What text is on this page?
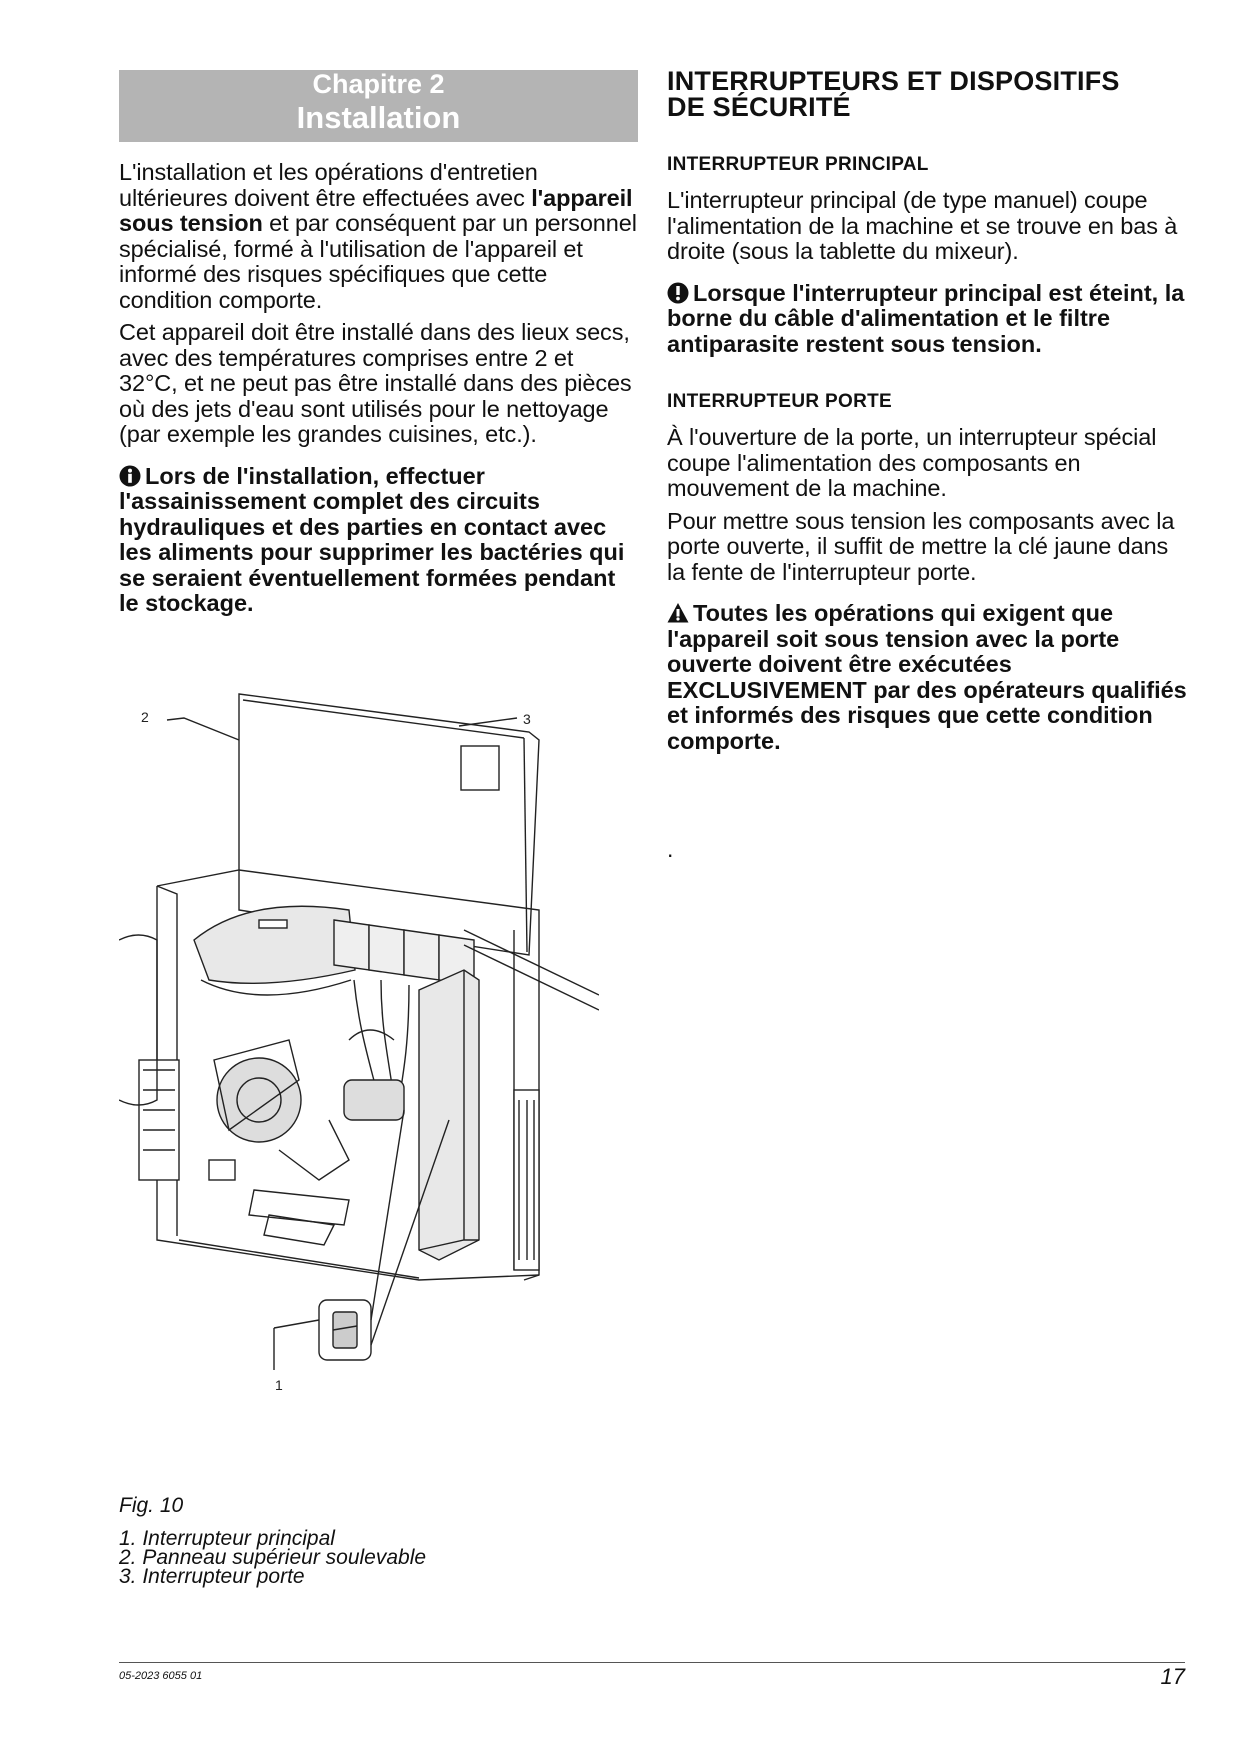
Chapitre 2
Installation

L'installation et les opérations d'entretien ultérieures doivent être effectuées avec l'appareil sous tension et par conséquent par un personnel spécialisé, formé à l'utilisation de l'appareil et informé des risques spécifiques que cette condition comporte.

Cet appareil doit être installé dans des lieux secs, avec des températures comprises entre 2 et 32°C, et ne peut pas être installé dans des pièces où des jets d'eau sont utilisés pour le nettoyage (par exemple les grandes cuisines, etc.).

Lors de l'installation, effectuer l'assainissement complet des circuits hydrauliques et des parties en contact avec les aliments pour supprimer les bactéries qui se seraient éventuellement formées pendant le stockage.

1
2	3
Fig. 10
1. Interrupteur principal
2. Panneau supérieur soulevable
3. Interrupteur porte
INTERRUPTEURS ET DISPOSITIFS
DE SÉCURITÉ
INTERRUPTEUR PRINCIPAL

L'interrupteur principal (de type manuel) coupe l'alimentation de la machine et se trouve en bas à droite (sous la tablette du mixeur).

Lorsque l'interrupteur principal est éteint, la borne du câble d'alimentation et le filtre antiparasite restent sous tension.

INTERRUPTEUR PORTE

À l'ouverture de la porte, un interrupteur spécial coupe l'alimentation des composants en mouvement de la machine.

Pour mettre sous tension les composants avec la porte ouverte, il suffit de mettre la clé jaune dans la fente de l'interrupteur porte.

Toutes les opérations qui exigent que l'appareil soit sous tension avec la porte ouverte doivent être exécutées EXCLUSIVEMENT par des opérateurs qualifiés et informés des risques que cette condition comporte.

.
05-2023 6055 01	17
